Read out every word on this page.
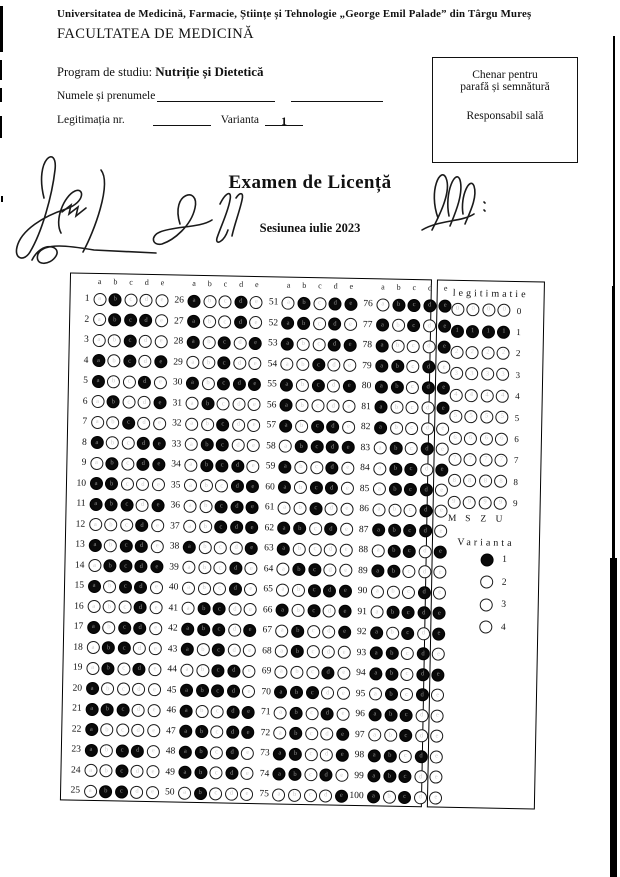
Universitatea de Medicină, Farmacie, Științe și Tehnologie „George Emil Palade” din Târgu Mureș
FACULTATEA DE MEDICINĂ
Program de studiu: Nutriție și Dietetică
Numele și prenumele
Legitimația nr.	Varianta 1
Chenar pentru
parafă și semnătură
Responsabil sală
Examen de Licență
Sesiunea iulie 2023
a	b	c	d	e
1 a b c d e
2 a b c d e
3 a b c d e
4 a b c d e
5 a b c d e
6 a b c d e
7 a b c d e
8 a b c d e
9 a b c d e
10 a b c d e
11 a b c d e
12 a b c d e
13 a b c d e
14 a b c d e
15 a b c d e
16 a b c d e
17 a b c d e
18 a b c d e
19 a b c d e
20 a b c d e
21 a b c d e
22 a b c d e
23 a b c d e
24 a b c d e
25 a b c d e
a	b	c	d	e
26 a b c d e
27 a b c d e
28 a b c d e
29 a b c d e
30 a b c d e
31 a b c d e
32 a b c d e
33 a b c d e
34 a b c d e
35 a b c d e
36 a b c d e
37 a b c d e
38 a b c d e
39 a b c d e
40 a b c d e
41 a b c d e
42 a b c d e
43 a b c d e
44 a b c d e
45 a b c d e
46 a b c d e
47 a b c d e
48 a b c d e
49 a b c d e
50 a b c d e
a	b	c	d	e
51 a b c d e
52 a b c d e
53 a b c d e
54 a b c d e
55 a b c d e
56 a b c d e
57 a b c d e
58 a b c d e
59 a b c d e
60 a b c d e
61 a b c d e
62 a b c d e
63 a b c d e
64 a b c d e
65 a b c d e
66 a b c d e
67 a b c d e
68 a b c d e
69 a b c d e
70 a b c d e
71 a b c d e
72 a b c d e
73 a b c d e
74 a b c d e
75 a b c d e
a	b	c	d	e
76 a b c d e
77 a b c d e
78 a b c d e
79 a b c d e
80 a b c d e
81 a b c d e
82 a b c d e
83 a b c d e
84 a b c d e
85 a b c d e
86 a b c d e
87 a b c d e
88 a b c d e
89 a b c d e
90 a b c d e
91 a b c d e
92 a b c d e
93 a b c d e
94 a b c d e
95 a b c d e
96 a b c d e
97 a b c d e
98 a b c d e
99 a b c d e
100 a b c d e
legitimatie
0 0 0 0 0
1 1 1 1 1
2 2 2 2 2
3 3 3 3 3
4 4 4 4 4
5 5 5 5 5
6 6 6 6 6
7 7 7 7 7
8 8 8 8 8
9 9 9 9 9
M S	Z U
Varianta
1
2
3
4
